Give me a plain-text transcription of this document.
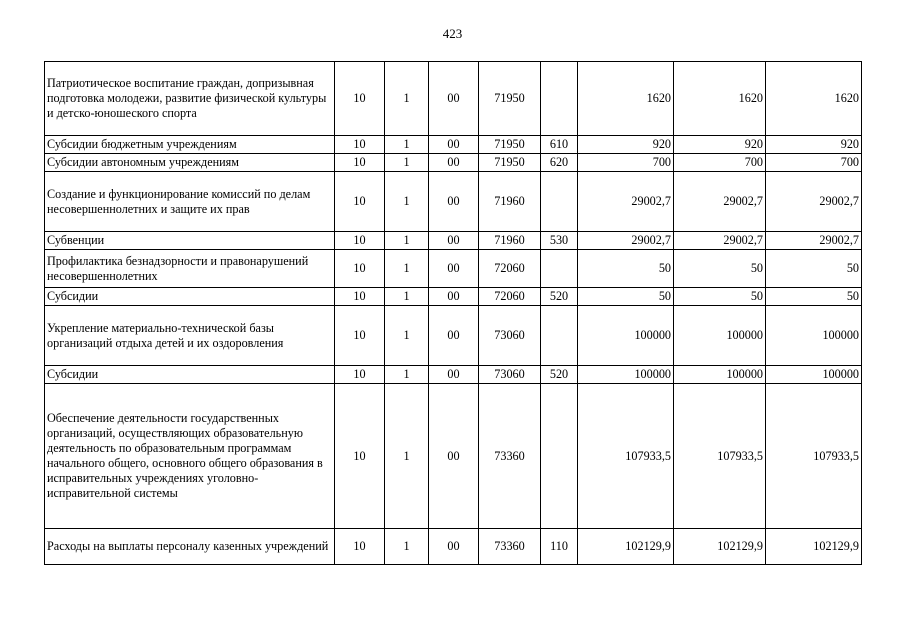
423
Патриотическое воспитание граждан, допризывная подготовка молодежи, развитие физической культуры и детско-юношеского спорта	10	1	00	71950		1620	1620	1620
Субсидии бюджетным учреждениям	10	1	00	71950	610	920	920	920
Субсидии автономным учреждениям	10	1	00	71950	620	700	700	700
Создание и функционирование комиссий по делам несовершеннолетних и защите их прав	10	1	00	71960		29002,7	29002,7	29002,7
Субвенции	10	1	00	71960	530	29002,7	29002,7	29002,7
Профилактика безнадзорности и правонарушений несовершеннолетних	10	1	00	72060		50	50	50
Субсидии	10	1	00	72060	520	50	50	50
Укрепление материально-технической базы организаций отдыха детей и их оздоровления	10	1	00	73060		100000	100000	100000
Субсидии	10	1	00	73060	520	100000	100000	100000
Обеспечение деятельности государственных организаций, осуществляющих образовательную деятельность по образовательным программам начального общего, основного общего образования в исправительных учреждениях уголовно-исправительной системы	10	1	00	73360		107933,5	107933,5	107933,5
Расходы на выплаты персоналу казенных учреждений	10	1	00	73360	110	102129,9	102129,9	102129,9
